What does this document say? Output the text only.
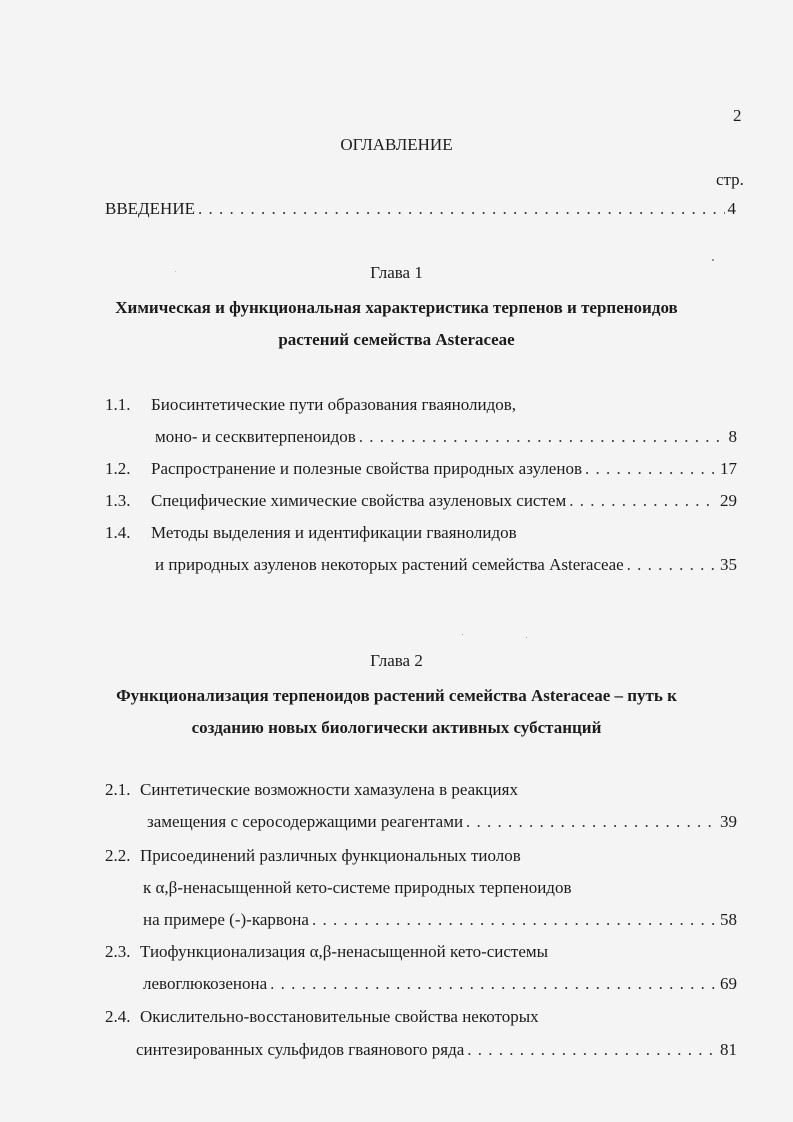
2
ОГЛАВЛЕНИЕ
стр.
ВВЕДЕНИЕ . . .	4
Глава 1
Химическая и функциональная характеристика терпенов и терпеноидов
растений семейства Asteraceae
1.1. Биосинтетические пути образования гваянолидов,
моно- и сесквитерпеноидов . . .	8
1.2. Распространение и полезные свойства природных азуленов . . .	17
1.3. Специфические химические свойства азуленовых систем . . .	29
1.4. Методы выделения и идентификации гваянолидов
и природных азуленов некоторых растений семейства Asteraceae . . .	35
Глава 2
Функционализация терпеноидов растений семейства Asteraceae – путь к
созданию новых биологически активных субстанций
2.1. Синтетические возможности хамазулена в реакциях
замещения с серосодержащими реагентами . . .	39
2.2. Присоединений различных функциональных тиолов
к α,β-ненасыщенной кето-системе природных терпеноидов
на примере (-)-карвона . . .	58
2.3. Тиофункционализация α,β-ненасыщенной кето-системы
левоглюкозенона . . .	69
2.4. Окислительно-восстановительные свойства некоторых
синтезированных сульфидов гваянового ряда . . .	81
